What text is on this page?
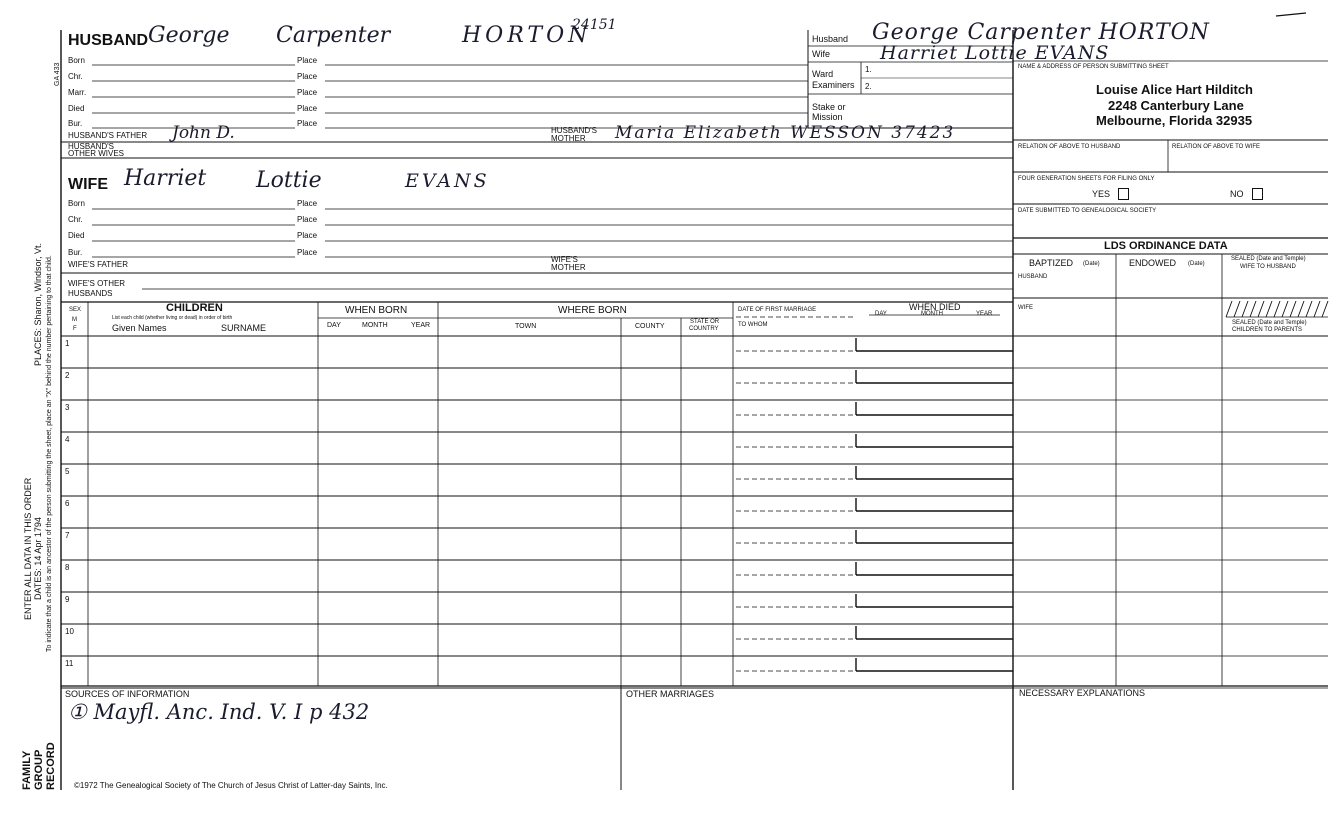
GA 433
PLACES: Sharon, Windsor, Vt. To indicate that a child is an ancestor of the person submitting the sheet, place an "X" behind the number pertaining to that child.
ENTER ALL DATA IN THIS ORDER DATES: 14 Apr 1794
FAMILY GROUP RECORD
HUSBAND George Carpenter	HORTON
24151
Born
Chr.
Marr.
Died
Bur.
Place
Place
Place
Place
Place
HUSBAND'S FATHER John D.	HUSBAND'S
MOTHER Maria Elizabeth WESSON 37423
HUSBAND'S
OTHER WIVES
Husband George Carpenter HORTON
Wife	Harriet Lottie EVANS
Ward
Examiners
1.
2.
Stake or
Mission
NAME & ADDRESS OF PERSON SUBMITTING SHEET
Louise Alice Hart Hilditch
2248 Canterbury Lane
Melbourne, Florida 32935
RELATION OF ABOVE TO HUSBAND	RELATION OF ABOVE TO WIFE
FOUR GENERATION SHEETS FOR FILING ONLY
YES	NO
DATE SUBMITTED TO GENEALOGICAL SOCIETY
LDS ORDINANCE DATA
BAPTIZED (Date)	ENDOWED (Date)
SEALED (Date and Temple)
WIFE TO HUSBAND
HUSBAND
WIFE
SEALED (Date and Temple)
CHILDREN TO PARENTS
WIFE Harriet Lottie	EVANS
Born
Chr.
Died
Bur.
Place
Place
Place
Place
WIFE'S FATHER
WIFE'S
MOTHER
WIFE'S OTHER
HUSBANDS
SEX
M
F
CHILDREN
List each child (whether living or dead) in order of birth
Given Names	SURNAME
WHEN BORN
DAY	MONTH	YEAR
WHERE BORN
TOWN	COUNTY
STATE OR
COUNTRY
DATE OF FIRST MARRIAGE
TO WHOM
WHEN DIED
DAY	MONTH	YEAR
1
2
3
4
5
6
7
8
9
10
11
SOURCES OF INFORMATION
① Mayfl. Anc. Ind. V. I p 432
OTHER MARRIAGES	NECESSARY EXPLANATIONS
©1972 The Genealogical Society of The Church of Jesus Christ of Latter-day Saints, Inc.
